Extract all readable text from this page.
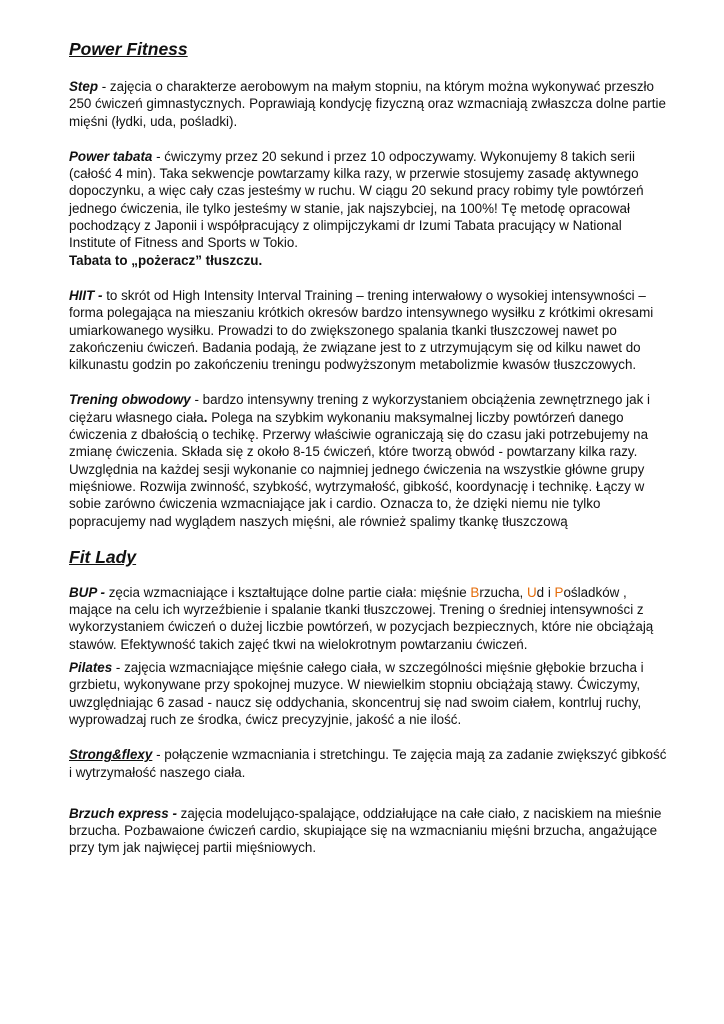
Power Fitness

Step - zajęcia o charakterze aerobowym na małym stopniu, na którym można wykonywać przeszło 250 ćwiczeń gimnastycznych. Poprawiają kondycję fizyczną oraz wzmacniają zwłaszcza dolne partie mięśni (łydki, uda, pośladki).

Power tabata - ćwiczymy przez 20 sekund i przez 10 odpoczywamy. Wykonujemy 8 takich serii (całość 4 min). Taka sekwencje powtarzamy kilka razy, w przerwie stosujemy zasadę aktywnego dopoczynku, a więc cały czas jesteśmy w ruchu. W ciągu 20 sekund pracy robimy tyle powtórzeń jednego ćwiczenia, ile tylko jesteśmy w stanie, jak najszybciej, na 100%! Tę metodę opracował pochodzący z Japonii i współpracujący z olimpijczykami dr Izumi Tabata pracujący w National Institute of Fitness and Sports w Tokio.

Tabata to „pożeracz” tłuszczu.

HIIT - to skrót od High Intensity Interval Training – trening interwałowy o wysokiej intensywności – forma polegająca na mieszaniu krótkich okresów bardzo intensywnego wysiłku z krótkimi okresami umiarkowanego wysiłku. Prowadzi to do zwiększonego spalania tkanki tłuszczowej nawet po zakończeniu ćwiczeń. Badania podają, że związane jest to z utrzymującym się od kilku nawet do kilkunastu godzin po zakończeniu treningu podwyższonym metabolizmie kwasów tłuszczowych.

Trening obwodowy - bardzo intensywny trening z wykorzystaniem obciążenia zewnętrznego jak i ciężaru własnego ciała. Polega na szybkim wykonaniu maksymalnej liczby powtórzeń danego ćwiczenia z dbałością o techikę. Przerwy właściwie ograniczają się do czasu jaki potrzebujemy na zmianę ćwiczenia. Składa się z około 8-15 ćwiczeń, które tworzą obwód - powtarzany kilka razy. Uwzględnia na każdej sesji wykonanie co najmniej jednego ćwiczenia na wszystkie główne grupy mięśniowe. Rozwija zwinność, szybkość, wytrzymałość, gibkość, koordynację i technikę. Łączy w sobie zarówno ćwiczenia wzmacniające jak i cardio. Oznacza to, że dzięki niemu nie tylko popracujemy nad wyglądem naszych mięśni, ale również spalimy tkankę tłuszczową

Fit Lady

BUP - zęcia wzmacniające i kształtujące dolne partie ciała: mięśnie Brzucha, Ud i Pośladków , mające na celu ich wyrzeźbienie i spalanie tkanki tłuszczowej. Trening o średniej intensywności z wykorzystaniem ćwiczeń o dużej liczbie powtórzeń, w pozycjach bezpiecznych, które nie obciążają stawów. Efektywność takich zajęć tkwi na wielokrotnym powtarzaniu ćwiczeń.

Pilates - zajęcia wzmacniające mięśnie całego ciała, w szczególności mięśnie głębokie brzucha i grzbietu, wykonywane przy spokojnej muzyce. W niewielkim stopniu obciążają stawy. Ćwiczymy, uwzględniając 6 zasad - naucz się oddychania, skoncentruj się nad swoim ciałem, kontrluj ruchy, wyprowadzaj ruch ze środka, ćwicz precyzyjnie, jakość a nie ilość.

Strong&flexy - połączenie wzmacniania i stretchingu. Te zajęcia mają za zadanie zwiększyć gibkość i wytrzymałość naszego ciała.

Brzuch express - zajęcia modelująco-spalające, oddziałujące na całe ciało, z naciskiem na mieśnie brzucha. Pozbawaione ćwiczeń cardio, skupiające się na wzmacnianiu mięśni brzucha, angażujące przy tym jak najwięcej partii mięśniowych.
